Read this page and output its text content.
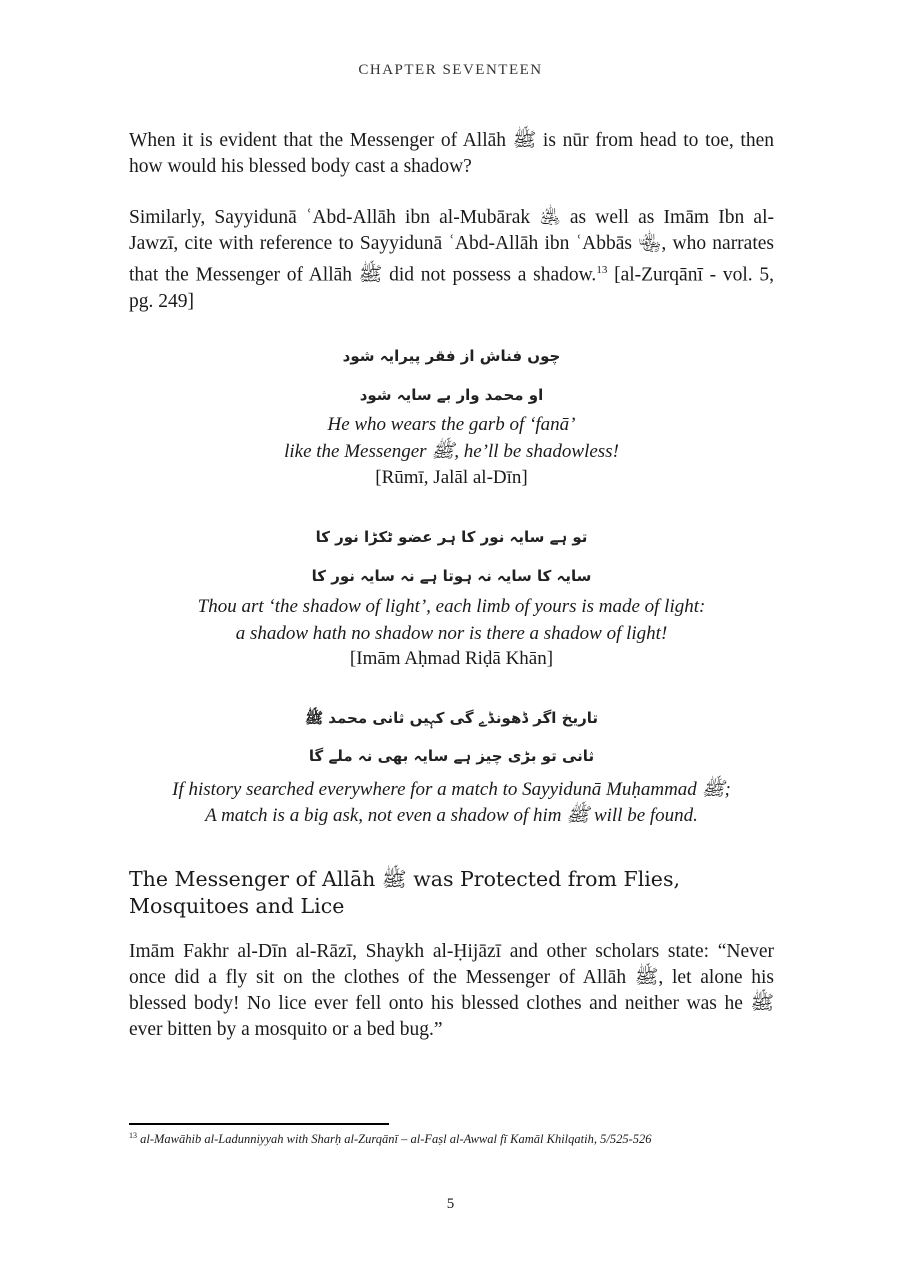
CHAPTER SEVENTEEN
When it is evident that the Messenger of Allāh ﷺ is nūr from head to toe, then how would his blessed body cast a shadow?
Similarly, Sayyidunā ʿAbd-Allāh ibn al-Mubārak ﵁ as well as Imām Ibn al-Jawzī, cite with reference to Sayyidunā ʿAbd-Allāh ibn ʿAbbās ﵄, who narrates that the Messenger of Allāh ﷺ did not possess a shadow.$^{13}$ [al-Zurqānī - vol. 5, pg. 249]
چوں فناش از فقر پیرایہ شود
او محمد وار بے سایہ شود
He who wears the garb of ‘fanā’
like the Messenger ﷺ, he’ll be shadowless!
[Rūmī, Jalāl al-Dīn]
تو ہے سایہ نور کا ہر عضو ٹکڑا نور کا
سایہ کا سایہ نہ ہوتا ہے نہ سایہ نور کا
Thou art ‘the shadow of light’, each limb of yours is made of light:
a shadow hath no shadow nor is there a shadow of light!
[Imām Aḥmad Riḍā Khān]
تاریخ اگر ڈھونڈے گی کہیں ثانی محمد ﷺ
ثانی تو بڑی چیز ہے سایہ بھی نہ ملے گا
If history searched everywhere for a match to Sayyidunā Muḥammad ﷺ;
A match is a big ask, not even a shadow of him ﷺ will be found.
The Messenger of Allāh ﷺ was Protected from Flies, Mosquitoes and Lice
Imām Fakhr al-Dīn al-Rāzī, Shaykh al-Ḥijāzī and other scholars state: “Never once did a fly sit on the clothes of the Messenger of Allāh ﷺ, let alone his blessed body! No lice ever fell onto his blessed clothes and neither was he ﷺ ever bitten by a mosquito or a bed bug.”
$^{13}$ al-Mawāhib al-Ladunniyyah with Sharḥ al-Zurqānī – al-Faṣl al-Awwal fī Kamāl Khilqatih, 5/525-526
5
